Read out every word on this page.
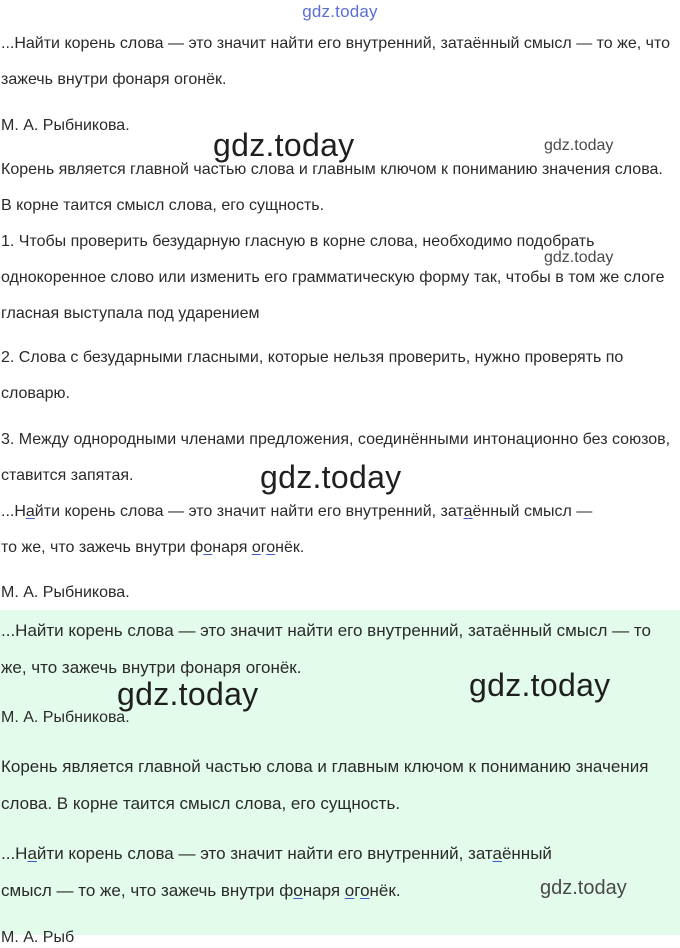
gdz.today

...Найти корень слова — это значит найти его внутренний, затаённый смысл — то же, что зажечь внутри фонаря огонёк.

М. А. Рыбникова.

Корень является главной частью слова и главным ключом к пониманию значения слова. В корне таится смысл слова, его сущность.

1. Чтобы проверить безударную гласную в корне слова, необходимо подобрать однокоренное слово или изменить его грамматическую форму так, чтобы в том же слоге гласная выступала под ударением

2. Слова с безударными гласными, которые нельзя проверить, нужно проверять по словарю.

3. Между однородными членами предложения, соединёнными интонационно без союзов, ставится запятая.

...Найти корень слова — это значит найти его внутренний, затаённый смысл —
то же, что зажечь внутри фонаря огонёк.
М. А. Рыбникова.

...Найти корень слова — это значит найти его внутренний, затаённый смысл — то же, что зажечь внутри фонаря огонёк.

М. А. Рыбникова.

Корень является главной частью слова и главным ключом к пониманию значения слова. В корне таится смысл слова, его сущность.

...Найти корень слова — это значит найти его внутренний, затаённый
смысл — то же, что зажечь внутри фонаря огонёк.
М. А. Рыб
gdz.today	gdz.today
gdz.today
gdz.today
gdz.today	gdz.today
gdz.today
